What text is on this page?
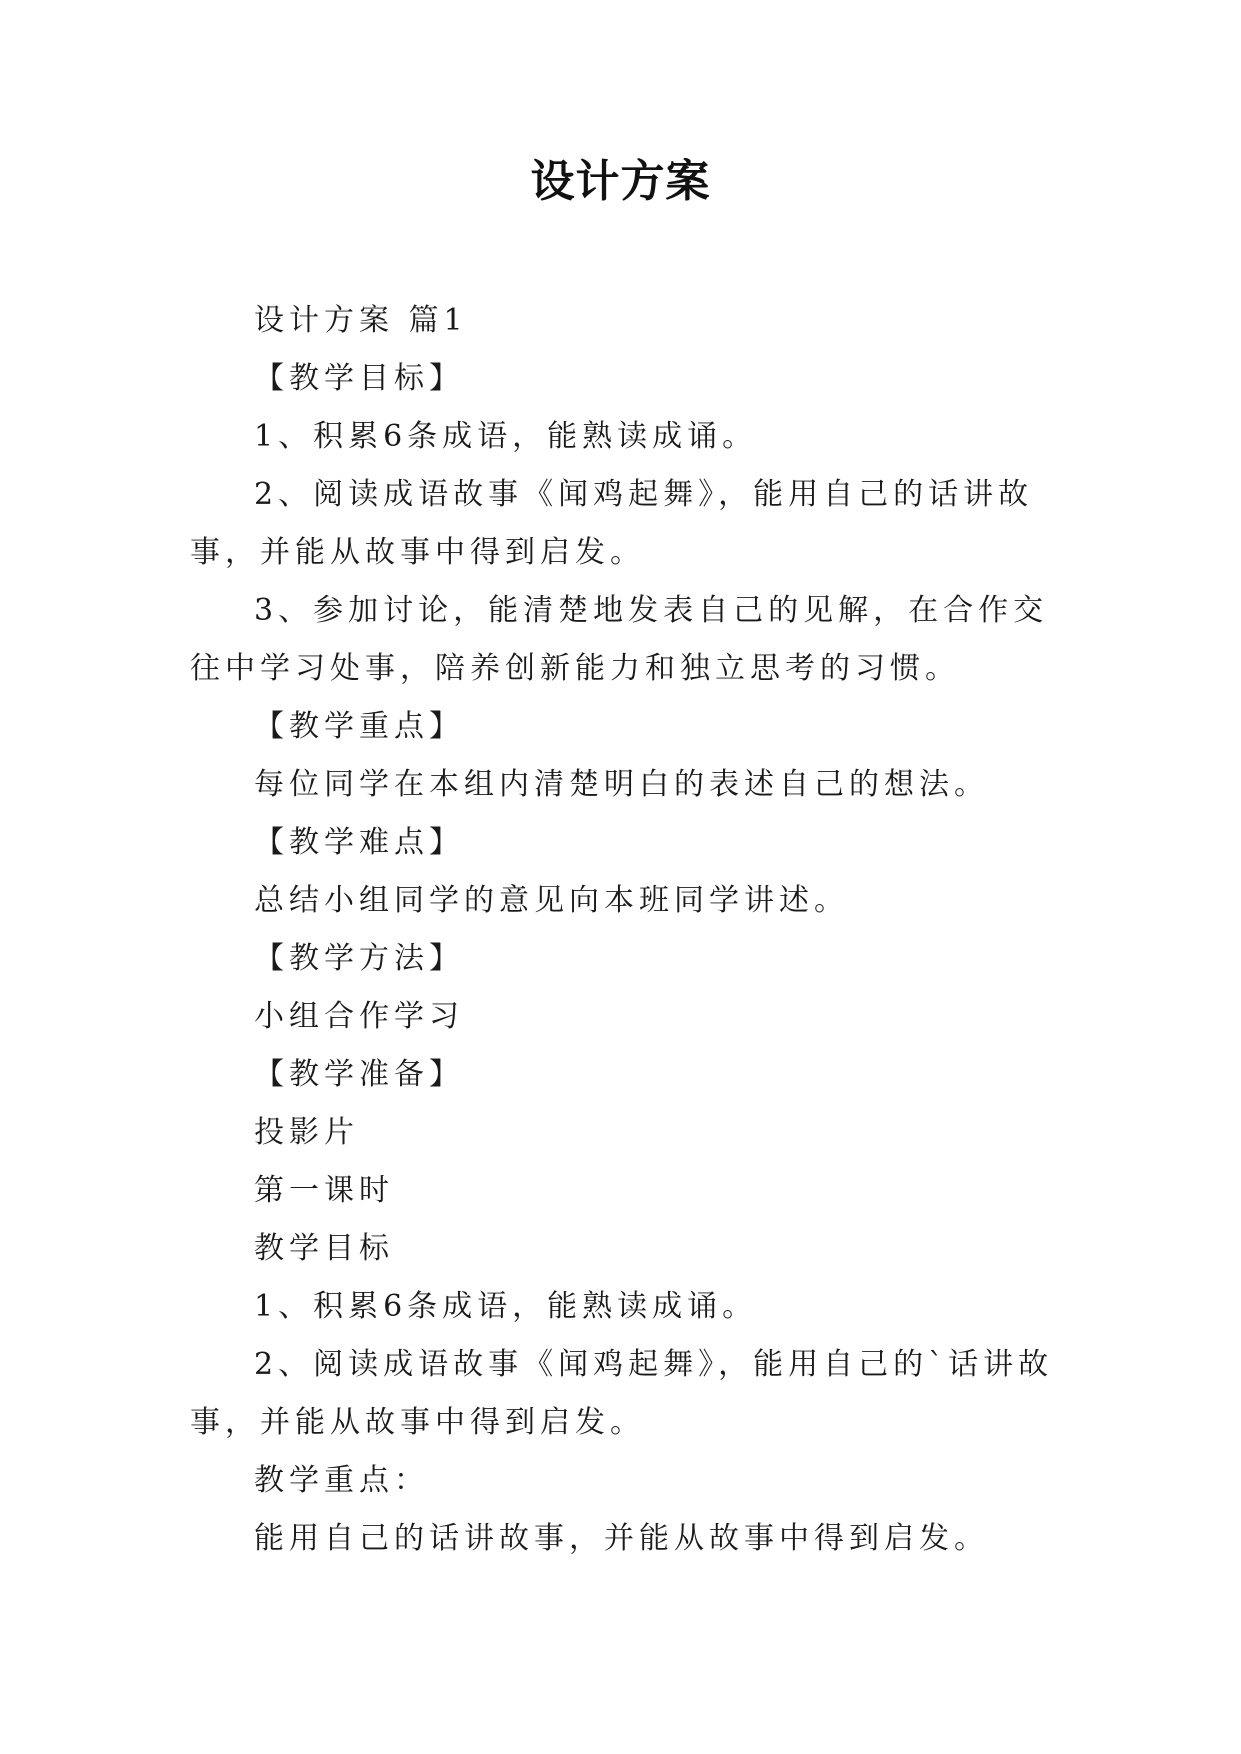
设计方案

设计方案 篇1

【教学目标】

1、积累6条成语，能熟读成诵。

2、阅读成语故事《闻鸡起舞》，能用自己的话讲故事，并能从故事中得到启发。

3、参加讨论，能清楚地发表自己的见解，在合作交往中学习处事，陪养创新能力和独立思考的习惯。

【教学重点】

每位同学在本组内清楚明白的表述自己的想法。

【教学难点】

总结小组同学的意见向本班同学讲述。

【教学方法】

小组合作学习

【教学准备】

投影片

第一课时

教学目标

1、积累6条成语，能熟读成诵。

2、阅读成语故事《闻鸡起舞》，能用自己的`话讲故事，并能从故事中得到启发。

教学重点：

能用自己的话讲故事，并能从故事中得到启发。
